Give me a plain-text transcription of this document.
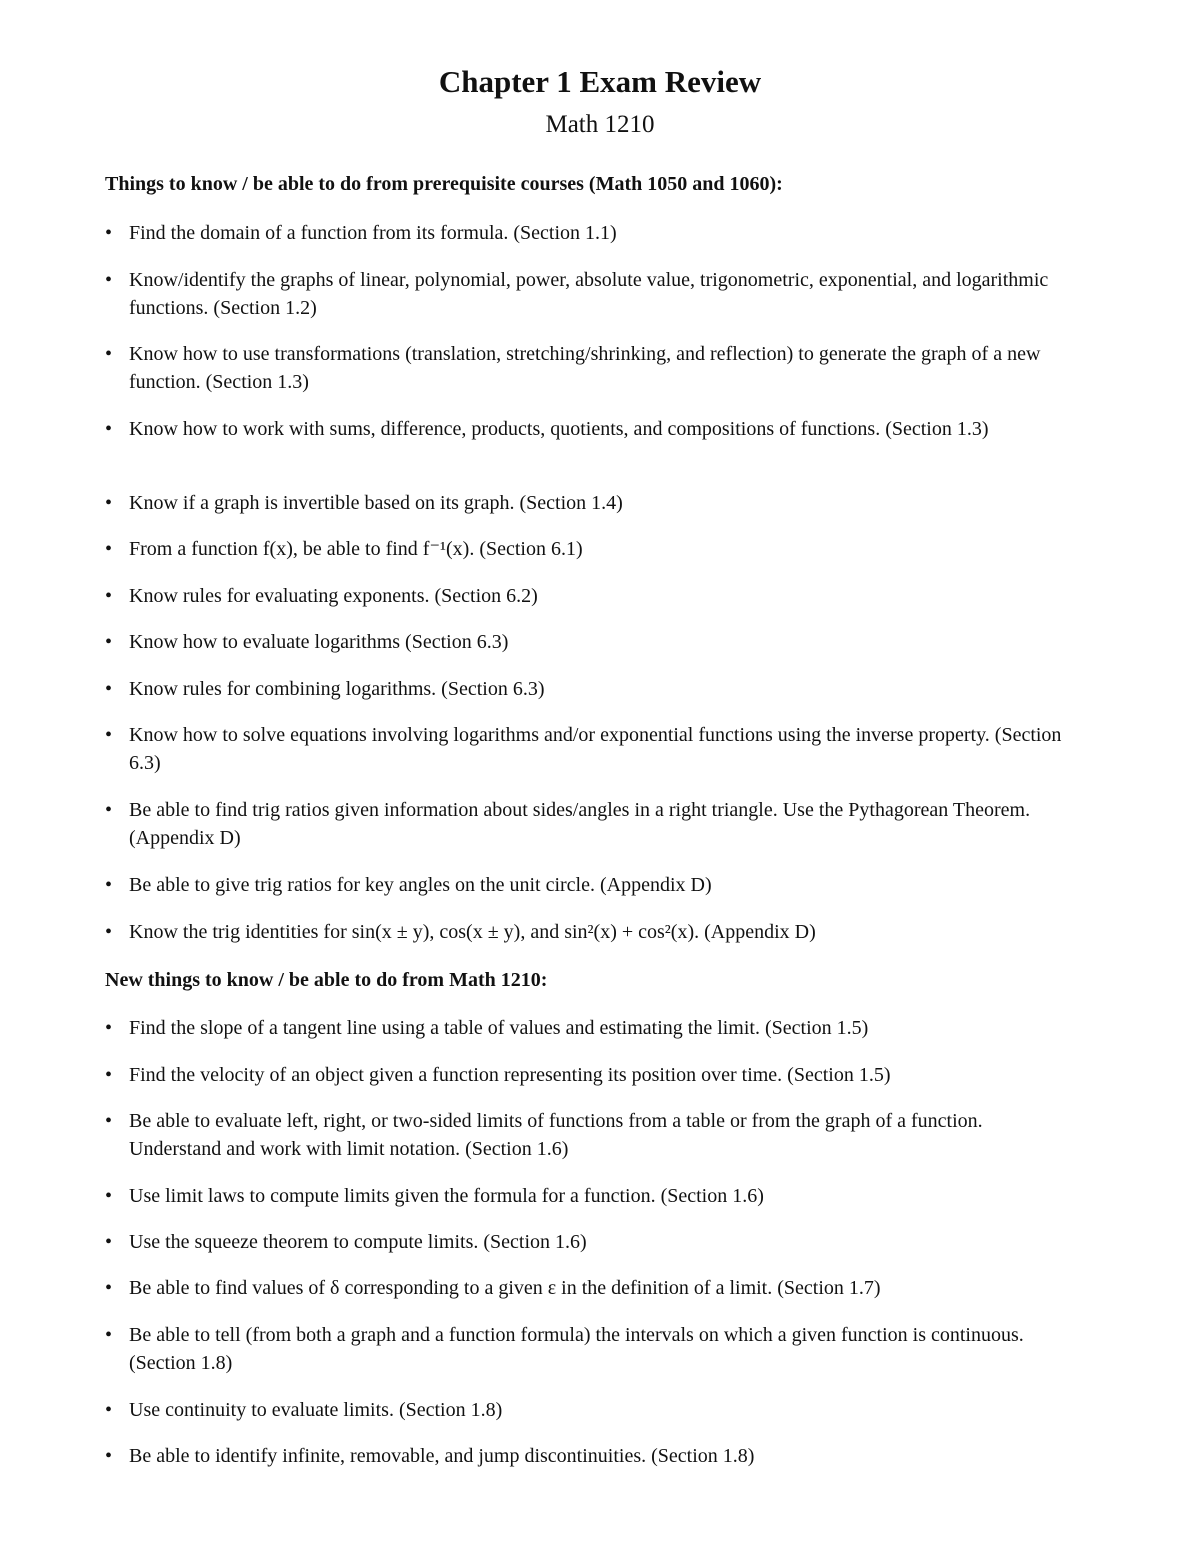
Chapter 1 Exam Review
Math 1210
Things to know / be able to do from prerequisite courses (Math 1050 and 1060):
• Find the domain of a function from its formula. (Section 1.1)
• Know/identify the graphs of linear, polynomial, power, absolute value, trigonometric, exponential, and logarithmic functions. (Section 1.2)
• Know how to use transformations (translation, stretching/shrinking, and reflection) to generate the graph of a new function. (Section 1.3)
• Know how to work with sums, difference, products, quotients, and compositions of functions. (Section 1.3)
• Know if a graph is invertible based on its graph. (Section 1.4)
• From a function f(x), be able to find f⁻¹(x). (Section 6.1)
• Know rules for evaluating exponents. (Section 6.2)
• Know how to evaluate logarithms (Section 6.3)
• Know rules for combining logarithms. (Section 6.3)
• Know how to solve equations involving logarithms and/or exponential functions using the inverse property. (Section 6.3)
• Be able to find trig ratios given information about sides/angles in a right triangle. Use the Pythagorean Theorem. (Appendix D)
• Be able to give trig ratios for key angles on the unit circle. (Appendix D)
• Know the trig identities for sin(x ± y), cos(x ± y), and sin²(x) + cos²(x). (Appendix D)
New things to know / be able to do from Math 1210:
• Find the slope of a tangent line using a table of values and estimating the limit. (Section 1.5)
• Find the velocity of an object given a function representing its position over time. (Section 1.5)
• Be able to evaluate left, right, or two-sided limits of functions from a table or from the graph of a function. Understand and work with limit notation. (Section 1.6)
• Use limit laws to compute limits given the formula for a function. (Section 1.6)
• Use the squeeze theorem to compute limits. (Section 1.6)
• Be able to find values of δ corresponding to a given ε in the definition of a limit. (Section 1.7)
• Be able to tell (from both a graph and a function formula) the intervals on which a given function is continuous. (Section 1.8)
• Use continuity to evaluate limits. (Section 1.8)
• Be able to identify infinite, removable, and jump discontinuities. (Section 1.8)
